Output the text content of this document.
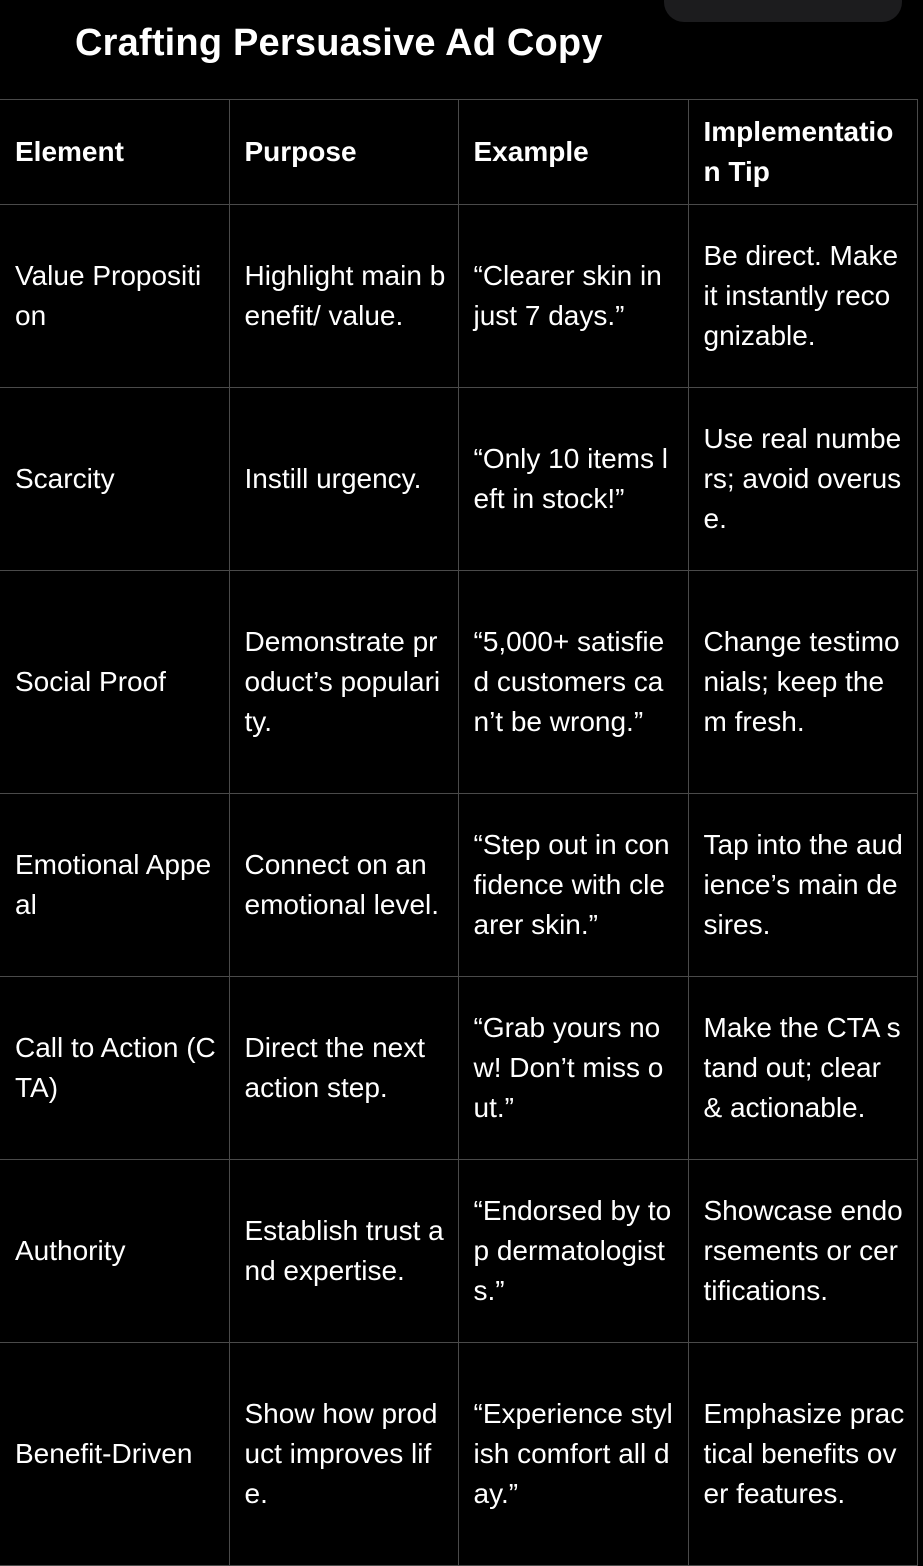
Crafting Persuasive Ad Copy
Element	Purpose	Example	Implementation Tip
Value Proposition	Highlight main benefit/ value.	“Clearer skin in just 7 days.”	Be direct. Make it instantly recognizable.
Scarcity	Instill urgency.	“Only 10 items left in stock!”	Use real numbers; avoid overuse.
Social Proof	Demonstrate product’s popularity.	“5,000+ satisfied customers can’t be wrong.”	Change testimonials; keep them fresh.
Emotional Appeal	Connect on an emotional level.	“Step out in confidence with clearer skin.”	Tap into the audience’s main desires.
Call to Action (CTA)	Direct the next action step.	“Grab yours now! Don’t miss out.”	Make the CTA stand out; clear & actionable.
Authority	Establish trust and expertise.	“Endorsed by top dermatologists.”	Showcase endorsements or certifications.
Benefit-Driven	Show how product improves life.	“Experience stylish comfort all day.”	Emphasize practical benefits over features.
